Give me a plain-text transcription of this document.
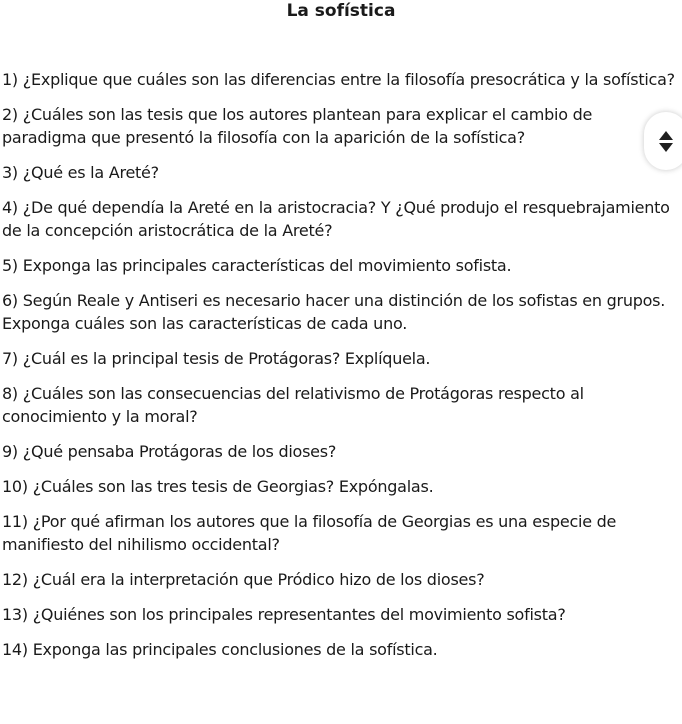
La sofística
1) ¿Explique que cuáles son las diferencias entre la filosofía presocrática y la sofística?
2) ¿Cuáles son las tesis que los autores plantean para explicar el cambio de paradigma que presentó la filosofía con la aparición de la sofística?
3) ¿Qué es la Areté?
4) ¿De qué dependía la Areté en la aristocracia? Y ¿Qué produjo el resquebrajamiento de la concepción aristocrática de la Areté?
5) Exponga las principales características del movimiento sofista.
6) Según Reale y Antiseri es necesario hacer una distinción de los sofistas en grupos. Exponga cuáles son las características de cada uno.
7) ¿Cuál es la principal tesis de Protágoras? Explíquela.
8) ¿Cuáles son las consecuencias del relativismo de Protágoras respecto al conocimiento y la moral?
9) ¿Qué pensaba Protágoras de los dioses?
10) ¿Cuáles son las tres tesis de Georgias? Expóngalas.
11) ¿Por qué afirman los autores que la filosofía de Georgias es una especie de manifiesto del nihilismo occidental?
12) ¿Cuál era la interpretación que Pródico hizo de los dioses?
13) ¿Quiénes son los principales representantes del movimiento sofista?
14) Exponga las principales conclusiones de la sofística.
